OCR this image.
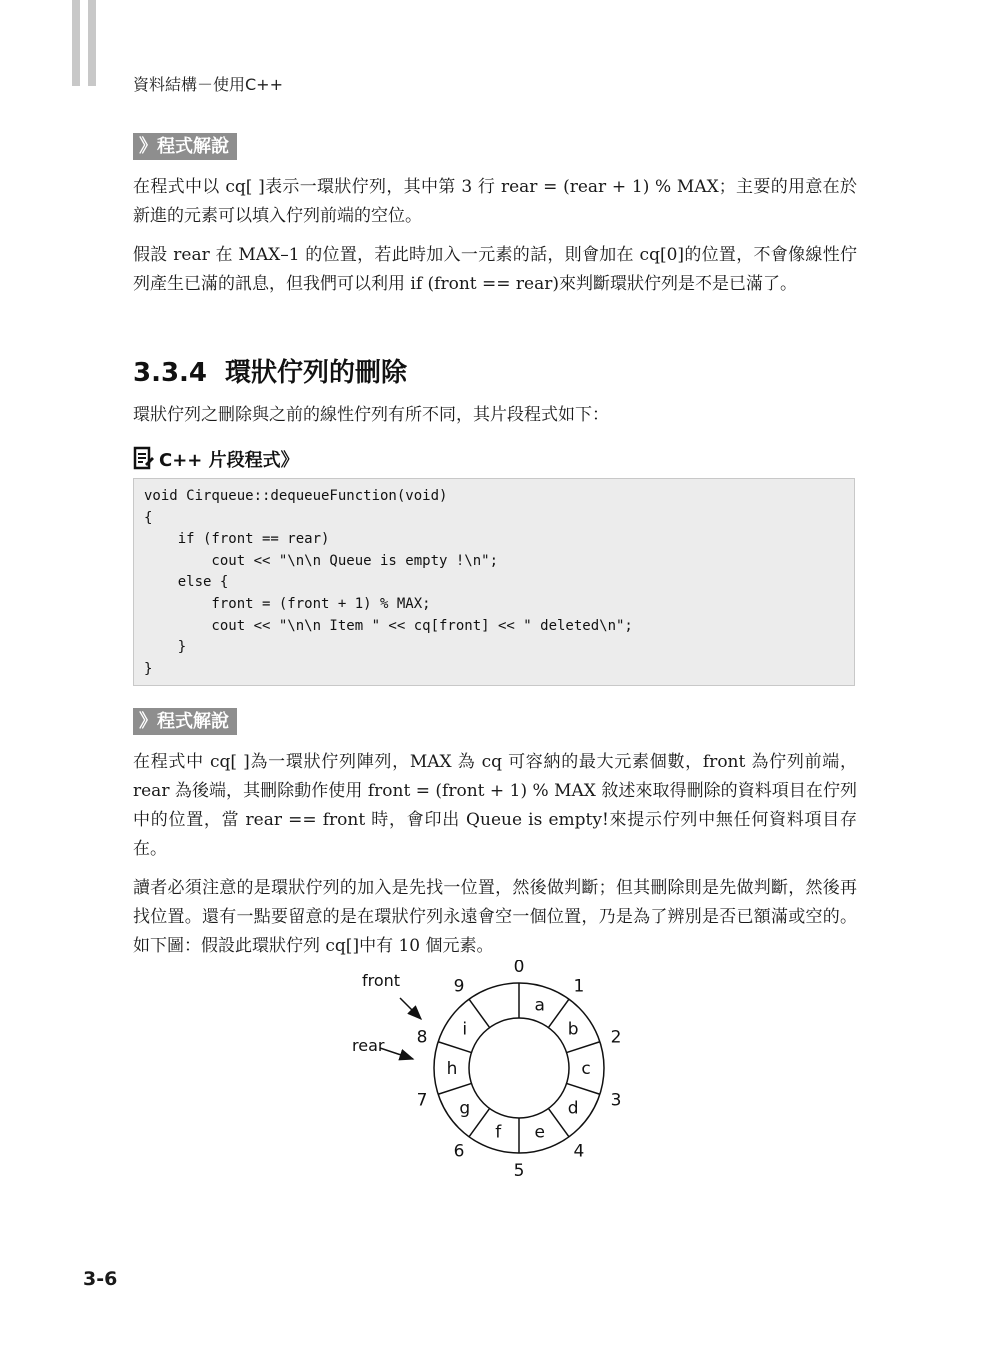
資料結構－使用C++
》程式解說

在程式中以 cq[ ]表示一環狀佇列，其中第 3 行 rear = (rear + 1) % MAX；主要的用意在於新進的元素可以填入佇列前端的空位。

假設 rear 在 MAX–1 的位置，若此時加入一元素的話，則會加在 cq[0]的位置，不會像線性佇列產生已滿的訊息，但我們可以利用 if (front == rear)來判斷環狀佇列是不是已滿了。

3.3.4 環狀佇列的刪除

環狀佇列之刪除與之前的線性佇列有所不同，其片段程式如下：

C++ 片段程式》
void Cirqueue::dequeueFunction(void)
{
if (front == rear)
cout << "\n\n Queue is empty !\n";
else {
front = (front + 1) % MAX;
cout << "\n\n Item " << cq[front] << " deleted\n";
}
}
》程式解說

在程式中 cq[ ]為一環狀佇列陣列，MAX 為 cq 可容納的最大元素個數，front 為佇列前端，rear 為後端，其刪除動作使用 front = (front + 1) % MAX 敘述來取得刪除的資料項目在佇列中的位置，當 rear == front 時，會印出 Queue is empty!來提示佇列中無任何資料項目存在。

讀者必須注意的是環狀佇列的加入是先找一位置，然後做判斷；但其刪除則是先做判斷，然後再找位置。還有一點要留意的是在環狀佇列永遠會空一個位置，乃是為了辨別是否已額滿或空的。如下圖：假設此環狀佇列 cq[]中有 10 個元素。

a
b
c
d
e
f
g
h
i
0
1
2
3
4
5
6
7
8
9
front
rear
3-6
